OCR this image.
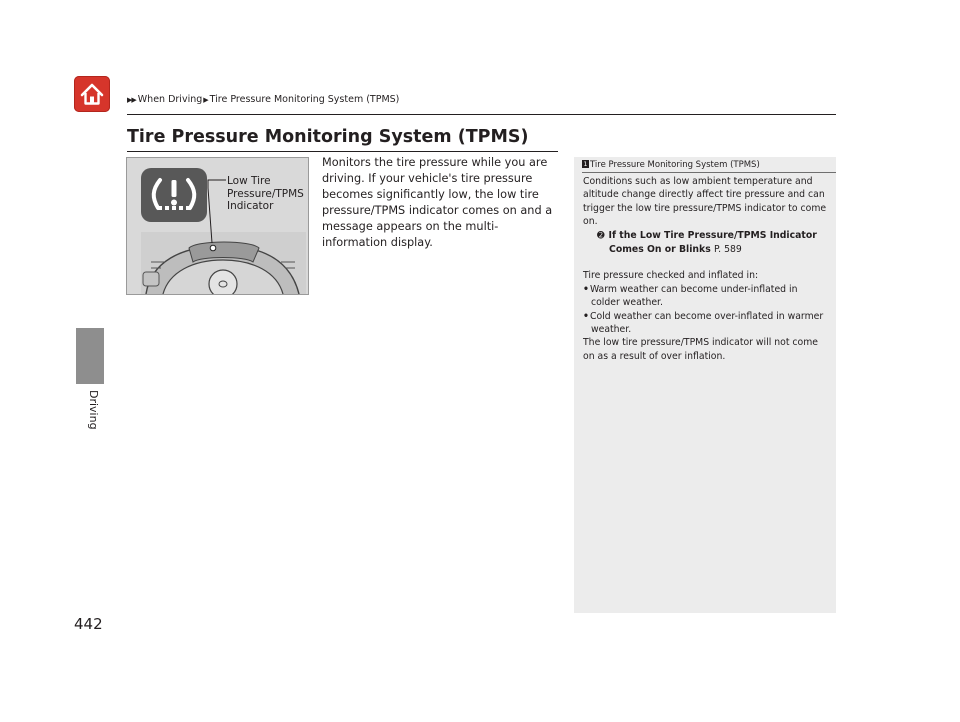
▶▶ When Driving▶Tire Pressure Monitoring System (TPMS)
Tire Pressure Monitoring System (TPMS)
Driving
442
Low Tire
Pressure/TPMS
Indicator

Monitors the tire pressure while you are driving. If your vehicle's tire pressure becomes significantly low, the low tire pressure/TPMS indicator comes on and a message appears on the multi-information display.

1 Tire Pressure Monitoring System (TPMS)
Conditions such as low ambient temperature and altitude change directly affect tire pressure and can trigger the low tire pressure/TPMS indicator to come on.
➋ If the Low Tire Pressure/TPMS Indicator
Comes On or Blinks P. 589
Tire pressure checked and inflated in:
•Warm weather can become under-inflated in colder weather.
•Cold weather can become over-inflated in warmer weather.
The low tire pressure/TPMS indicator will not come on as a result of over inflation.
